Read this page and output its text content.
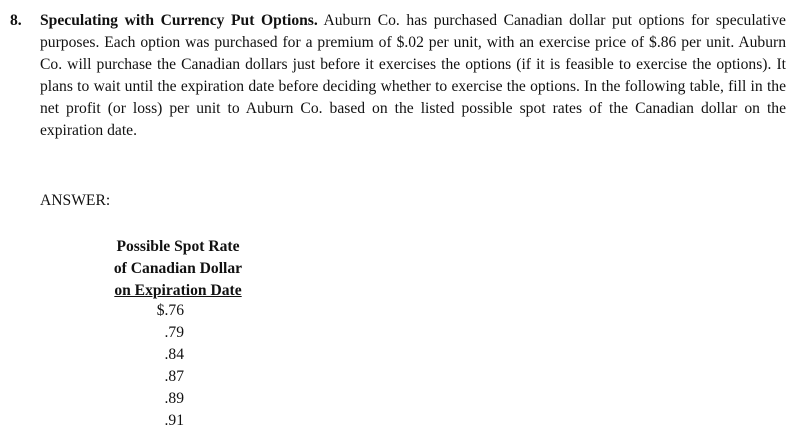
8. Speculating with Currency Put Options. Auburn Co. has purchased Canadian dollar put options for speculative purposes. Each option was purchased for a premium of $.02 per unit, with an exercise price of $.86 per unit. Auburn Co. will purchase the Canadian dollars just before it exercises the options (if it is feasible to exercise the options). It plans to wait until the expiration date before deciding whether to exercise the options. In the following table, fill in the net profit (or loss) per unit to Auburn Co. based on the listed possible spot rates of the Canadian dollar on the expiration date.
ANSWER:
Possible Spot Rate
of Canadian Dollar
on Expiration Date
$.76
.79
.84
.87
.89
.91
